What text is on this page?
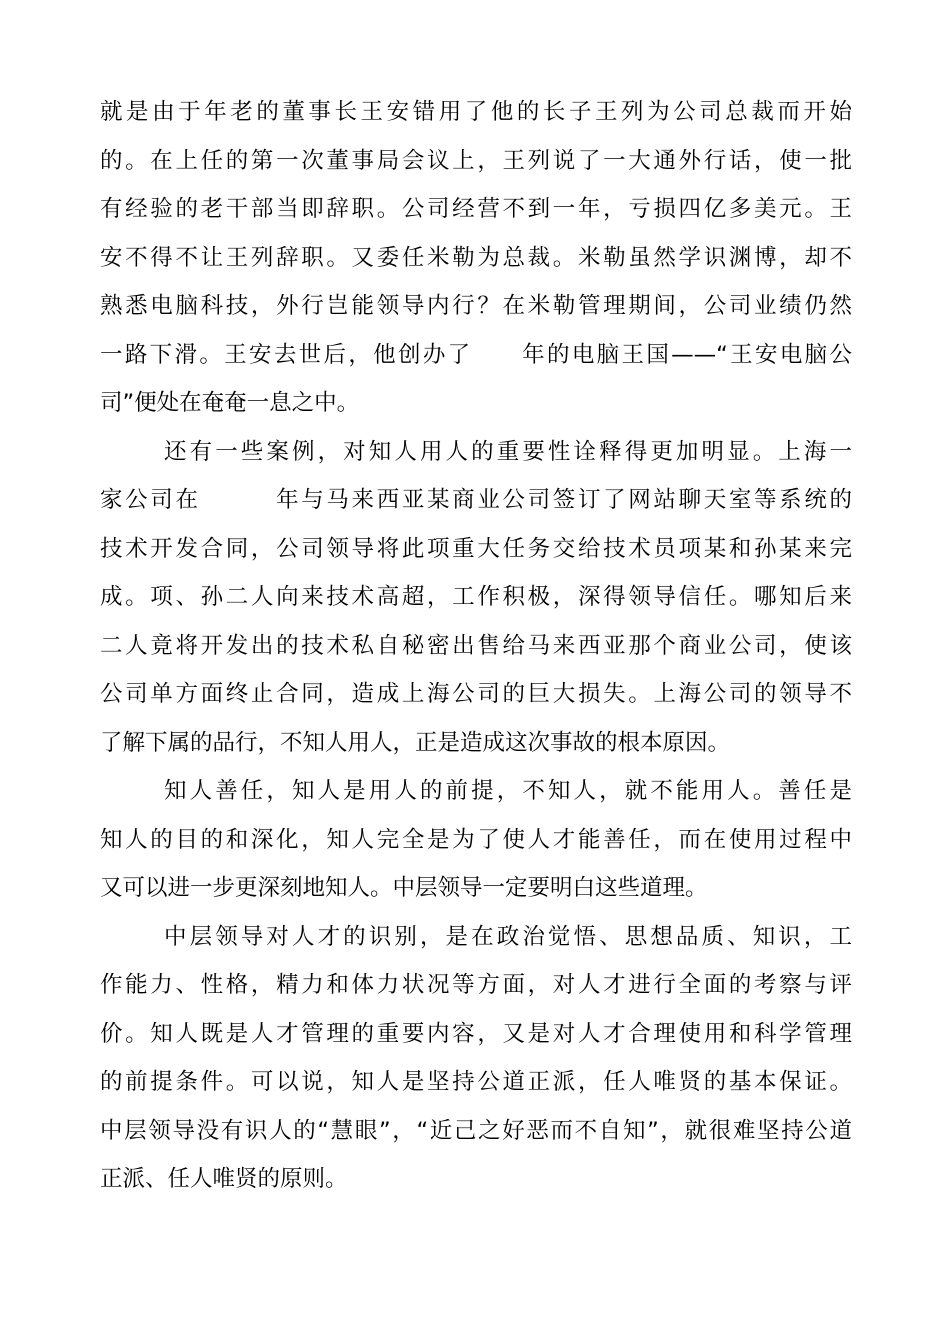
就是由于年老的董事长王安错用了他的长子王列为公司总裁而开始
的。在上任的第一次董事局会议上，王列说了一大通外行话，使一批
有经验的老干部当即辞职。公司经营不到一年，亏损四亿多美元。王
安不得不让王列辞职。又委任米勒为总裁。米勒虽然学识渊博，却不
熟悉电脑科技，外行岂能领导内行？在米勒管理期间，公司业绩仍然
一路下滑。王安去世后，他创办了　　年的电脑王国——“王安电脑公
司”便处在奄奄一息之中。
还有一些案例，对知人用人的重要性诠释得更加明显。上海一
家公司在　　　年与马来西亚某商业公司签订了网站聊天室等系统的
技术开发合同，公司领导将此项重大任务交给技术员项某和孙某来完
成。项、孙二人向来技术高超，工作积极，深得领导信任。哪知后来
二人竟将开发出的技术私自秘密出售给马来西亚那个商业公司，使该
公司单方面终止合同，造成上海公司的巨大损失。上海公司的领导不
了解下属的品行，不知人用人，正是造成这次事故的根本原因。
知人善任，知人是用人的前提，不知人，就不能用人。善任是
知人的目的和深化，知人完全是为了使人才能善任，而在使用过程中
又可以进一步更深刻地知人。中层领导一定要明白这些道理。
中层领导对人才的识别，是在政治觉悟、思想品质、知识，工
作能力、性格，精力和体力状况等方面，对人才进行全面的考察与评
价。知人既是人才管理的重要内容，又是对人才合理使用和科学管理
的前提条件。可以说，知人是坚持公道正派，任人唯贤的基本保证。
中层领导没有识人的“慧眼”，“近己之好恶而不自知”，就很难坚持公道
正派、任人唯贤的原则。
